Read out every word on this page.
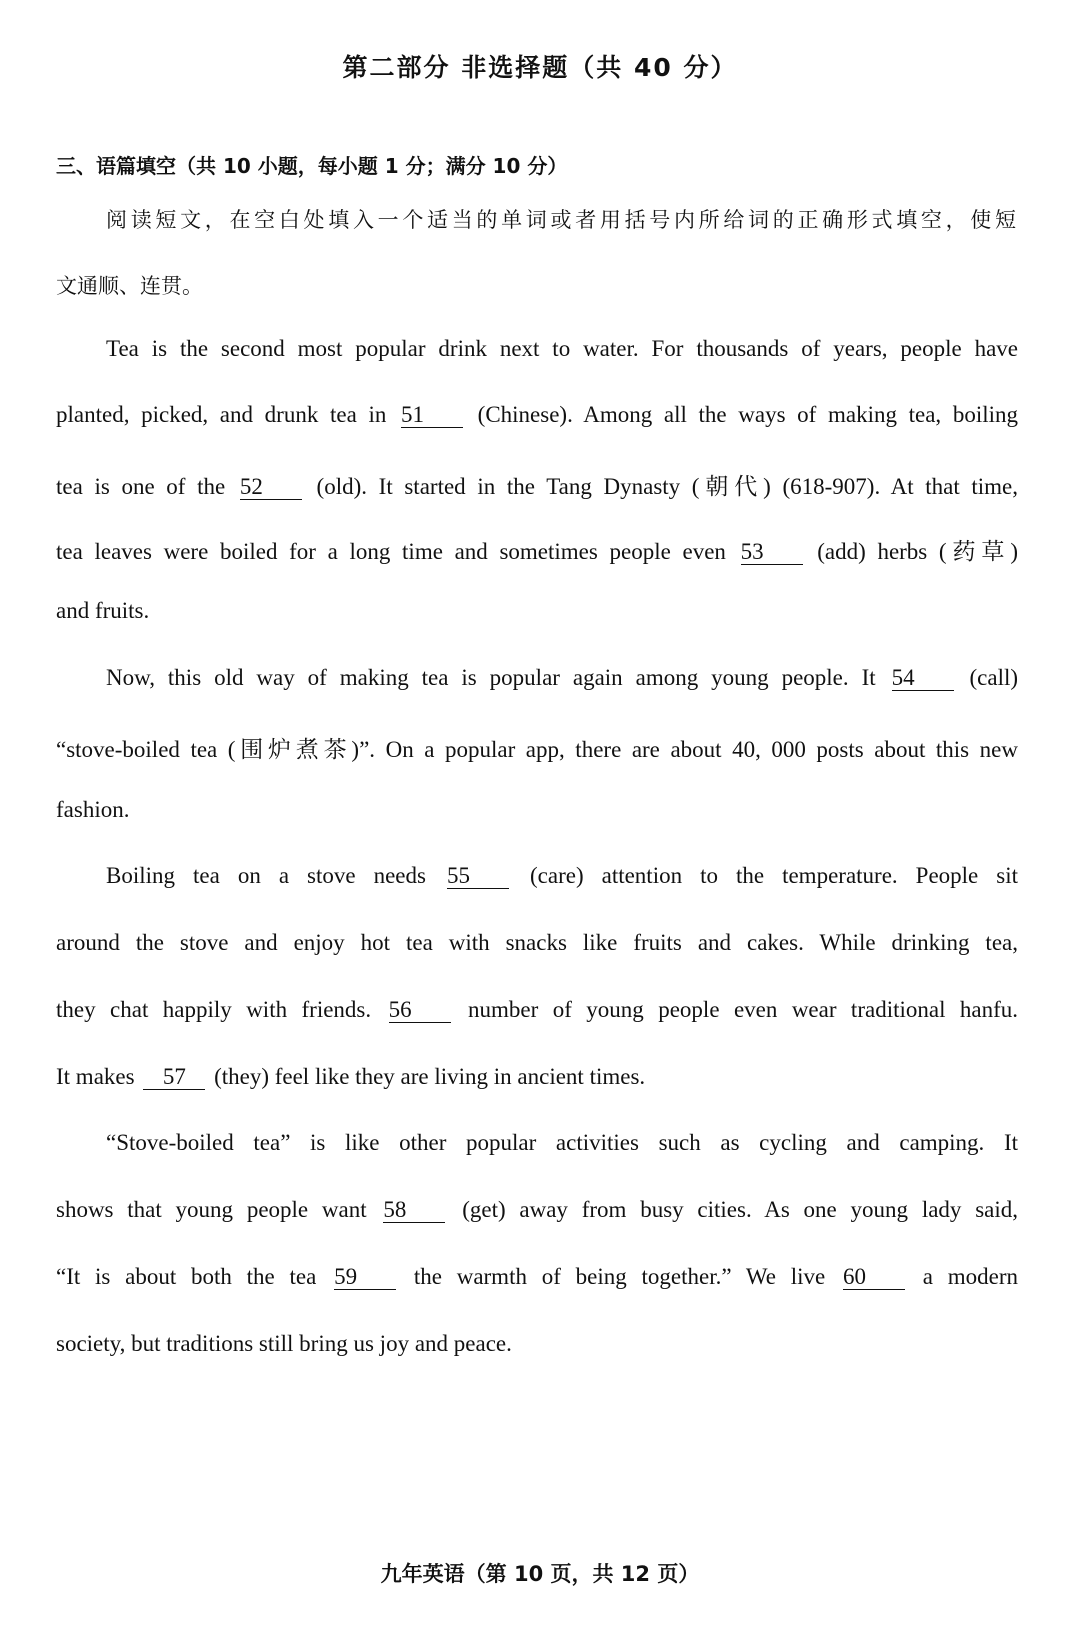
第二部分 非选择题（共 40 分）
三、语篇填空（共 10 小题，每小题 1 分；满分 10 分）
阅读短文，在空白处填入一个适当的单词或者用括号内所给词的正确形式填空，使短
文通顺、连贯。
Tea is the second most popular drink next to water. For thousands of years, people have
planted, picked, and drunk tea in 51 (Chinese). Among all the ways of making tea, boiling
tea is one of the 52 (old). It started in the Tang Dynasty (朝代) (618-907). At that time,
tea leaves were boiled for a long time and sometimes people even 53 (add) herbs (药草)
and fruits.
Now, this old way of making tea is popular again among young people. It 54 (call)
“stove-boiled tea (围炉煮茶)”. On a popular app, there are about 40, 000 posts about this new
fashion.
Boiling tea on a stove needs 55	(care) attention to the temperature. People sit
around the stove and enjoy hot tea with snacks like fruits and cakes. While drinking tea,
they chat happily with friends. 56 number of young people even wear traditional hanfu.
It makes 57 (they) feel like they are living in ancient times.
“Stove-boiled tea” is like other popular activities such as cycling and camping. It
shows that young people want 58 (get) away from busy cities. As one young lady said,
“It is about both the tea 59 the warmth of being together.” We live 60 a modern
society, but traditions still bring us joy and peace.
九年英语（第 10 页，共 12 页）
